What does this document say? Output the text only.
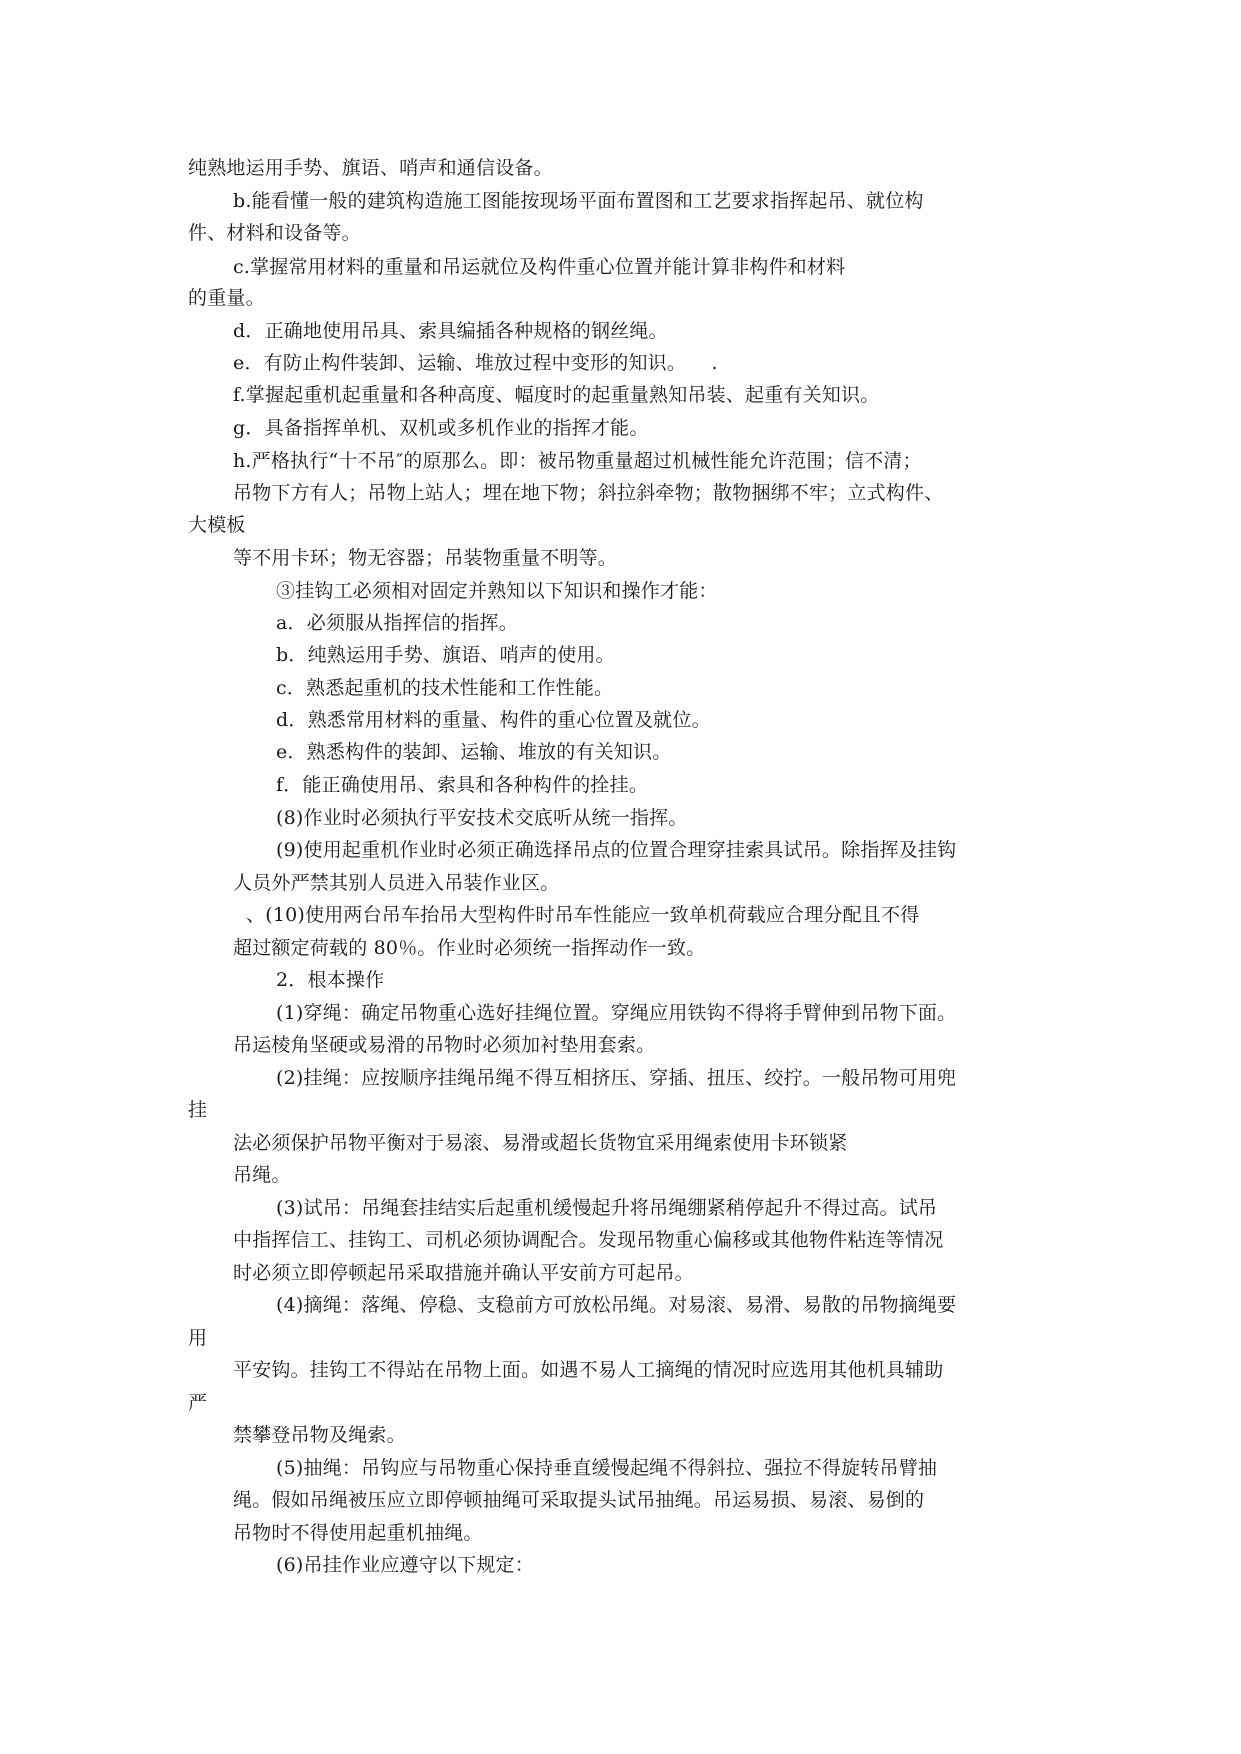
纯熟地运用手势、旗语、哨声和通信设备。
b.能看懂一般的建筑构造施工图能按现场平面布置图和工艺要求指挥起吊、就位构
件、材料和设备等。
c.掌握常用材料的重量和吊运就位及构件重心位置并能计算非构件和材料
的重量。
d．正确地使用吊具、索具编插各种规格的钢丝绳。
e．有防止构件装卸、运输、堆放过程中变形的知识。 　.
f.掌握起重机起重量和各种高度、幅度时的起重量熟知吊装、起重有关知识。
g．具备指挥单机、双机或多机作业的指挥才能。
h.严格执行“十不吊″的原那么。即：被吊物重量超过机械性能允许范围；信不清；
吊物下方有人；吊物上站人；埋在地下物；斜拉斜牵物；散物捆绑不牢；立式构件、
大模板
等不用卡环；物无容器；吊装物重量不明等。
③挂钩工必须相对固定并熟知以下知识和操作才能：
a．必须服从指挥信的指挥。
b．纯熟运用手势、旗语、哨声的使用。
c．熟悉起重机的技术性能和工作性能。
d．熟悉常用材料的重量、构件的重心位置及就位。
e．熟悉构件的装卸、运输、堆放的有关知识。
f．能正确使用吊、索具和各种构件的拴挂。
(8)作业时必须执行平安技术交底听从统一指挥。
(9)使用起重机作业时必须正确选择吊点的位置合理穿挂索具试吊。除指挥及挂钩
人员外严禁其别人员进入吊装作业区。
、(10)使用两台吊车抬吊大型构件时吊车性能应一致单机荷载应合理分配且不得
超过额定荷载的 80％。作业时必须统一指挥动作一致。
2．根本操作
(1)穿绳：确定吊物重心选好挂绳位置。穿绳应用铁钩不得将手臂伸到吊物下面。
吊运棱角坚硬或易滑的吊物时必须加衬垫用套索。
(2)挂绳：应按顺序挂绳吊绳不得互相挤压、穿插、扭压、绞拧。一般吊物可用兜
挂
法必须保护吊物平衡对于易滚、易滑或超长货物宜采用绳索使用卡环锁紧
吊绳。
(3)试吊：吊绳套挂结实后起重机缓慢起升将吊绳绷紧稍停起升不得过高。试吊
中指挥信工、挂钩工、司机必须协调配合。发现吊物重心偏移或其他物件粘连等情况
时必须立即停顿起吊采取措施并确认平安前方可起吊。
(4)摘绳：落绳、停稳、支稳前方可放松吊绳。对易滚、易滑、易散的吊物摘绳要
用
平安钩。挂钩工不得站在吊物上面。如遇不易人工摘绳的情况时应选用其他机具辅助
严
禁攀登吊物及绳索。
(5)抽绳：吊钩应与吊物重心保持垂直缓慢起绳不得斜拉、强拉不得旋转吊臂抽
绳。假如吊绳被压应立即停顿抽绳可采取提头试吊抽绳。吊运易损、易滚、易倒的
吊物时不得使用起重机抽绳。
(6)吊挂作业应遵守以下规定：
